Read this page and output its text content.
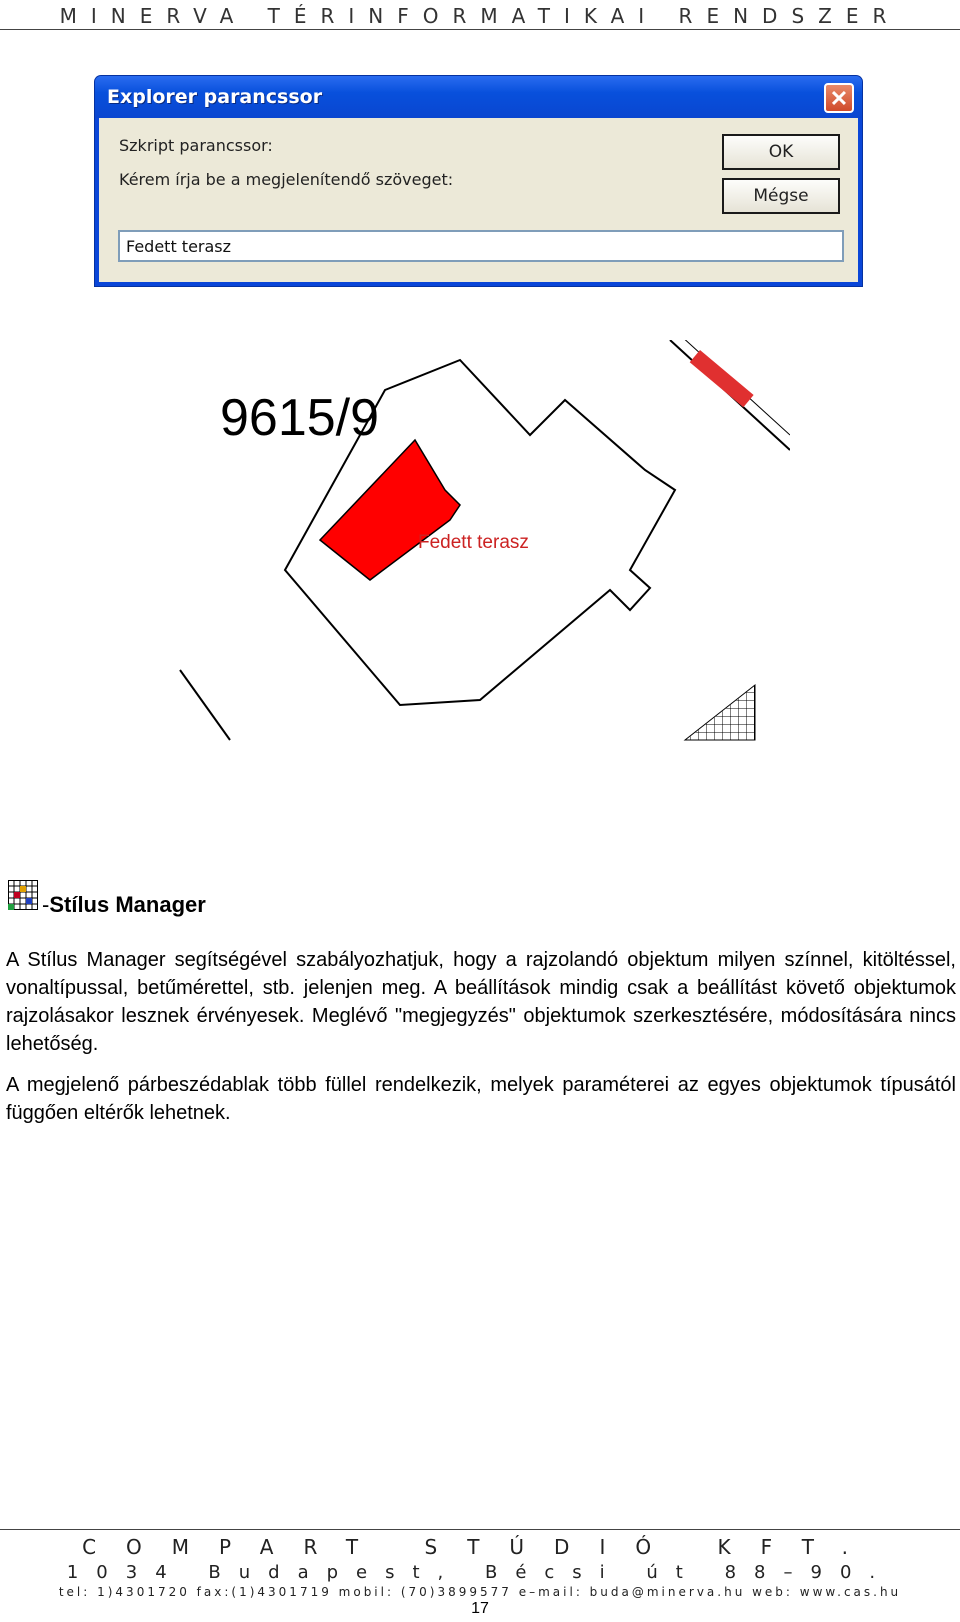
MINERVA TÉRINFORMATIKAI RENDSZER
Explorer parancssor	✕
Szkript parancssor:
Kérem írja be a megjelenítendő szöveget:
OK
Mégse
Fedett terasz
9615/9
Fedett terasz
-Stílus Manager

A Stílus Manager segítségével szabályozhatjuk, hogy a rajzolandó objektum milyen színnel, kitöltéssel, vonaltípussal, betűmérettel, stb. jelenjen meg. A beállítások mindig csak a beállítást követő objektumok rajzolásakor lesznek érvényesek. Meglévő "megjegyzés" objektumok szerkesztésére, módosítására nincs lehetőség.

A megjelenő párbeszédablak több füllel rendelkezik, melyek paraméterei az egyes objektumok típusától függően eltérők lehetnek.

COMPART STÚDIÓ KFT.
1034 Budapest, Bécsi út 88–90.
tel: 1)4301720 fax:(1)4301719 mobil: (70)3899577 e–mail: buda@minerva.hu web: www.cas.hu
17
